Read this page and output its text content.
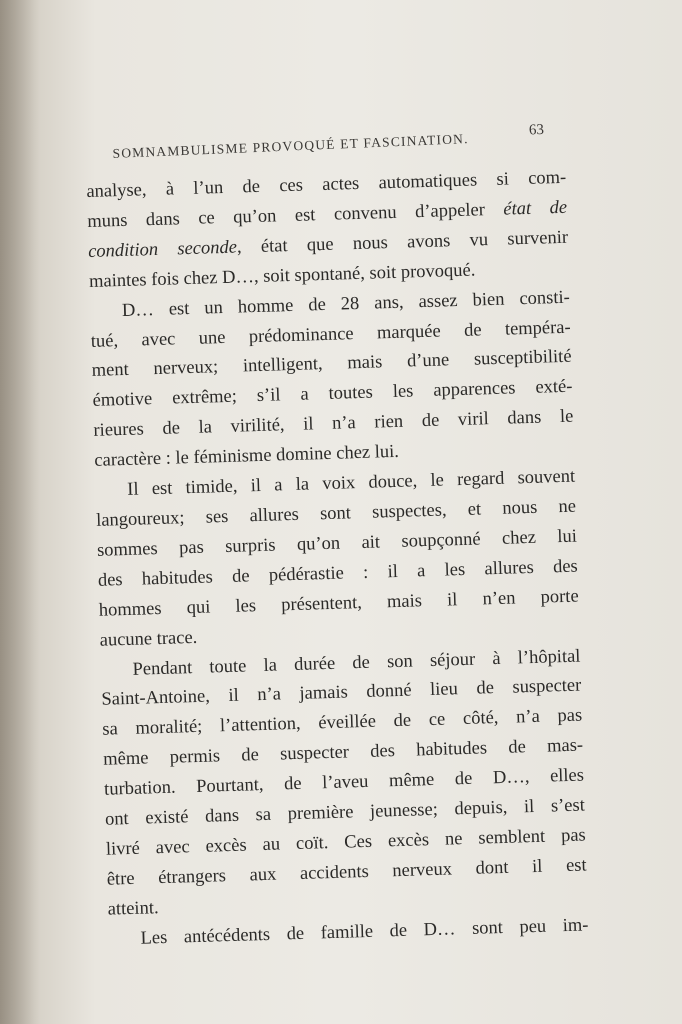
SOMNAMBULISME PROVOQUÉ ET FASCINATION.
63
analyse, à l’un de ces actes automatiques si com-
muns dans ce qu’on est convenu d’appeler état de
condition seconde, état que nous avons vu survenir
maintes fois chez D…, soit spontané, soit provoqué.
D… est un homme de 28 ans, assez bien consti-
tué, avec une prédominance marquée de tempéra-
ment nerveux; intelligent, mais d’une susceptibilité
émotive extrême; s’il a toutes les apparences exté-
rieures de la virilité, il n’a rien de viril dans le
caractère : le féminisme domine chez lui.
Il est timide, il a la voix douce, le regard souvent
langoureux; ses allures sont suspectes, et nous ne
sommes pas surpris qu’on ait soupçonné chez lui
des habitudes de pédérastie : il a les allures des
hommes qui les présentent, mais il n’en porte
aucune trace.
Pendant toute la durée de son séjour à l’hôpital
Saint-Antoine, il n’a jamais donné lieu de suspecter
sa moralité; l’attention, éveillée de ce côté, n’a pas
même permis de suspecter des habitudes de mas-
turbation. Pourtant, de l’aveu même de D…, elles
ont existé dans sa première jeunesse; depuis, il s’est
livré avec excès au coït. Ces excès ne semblent pas
être étrangers aux accidents nerveux dont il est
atteint.
Les antécédents de famille de D… sont peu im-
